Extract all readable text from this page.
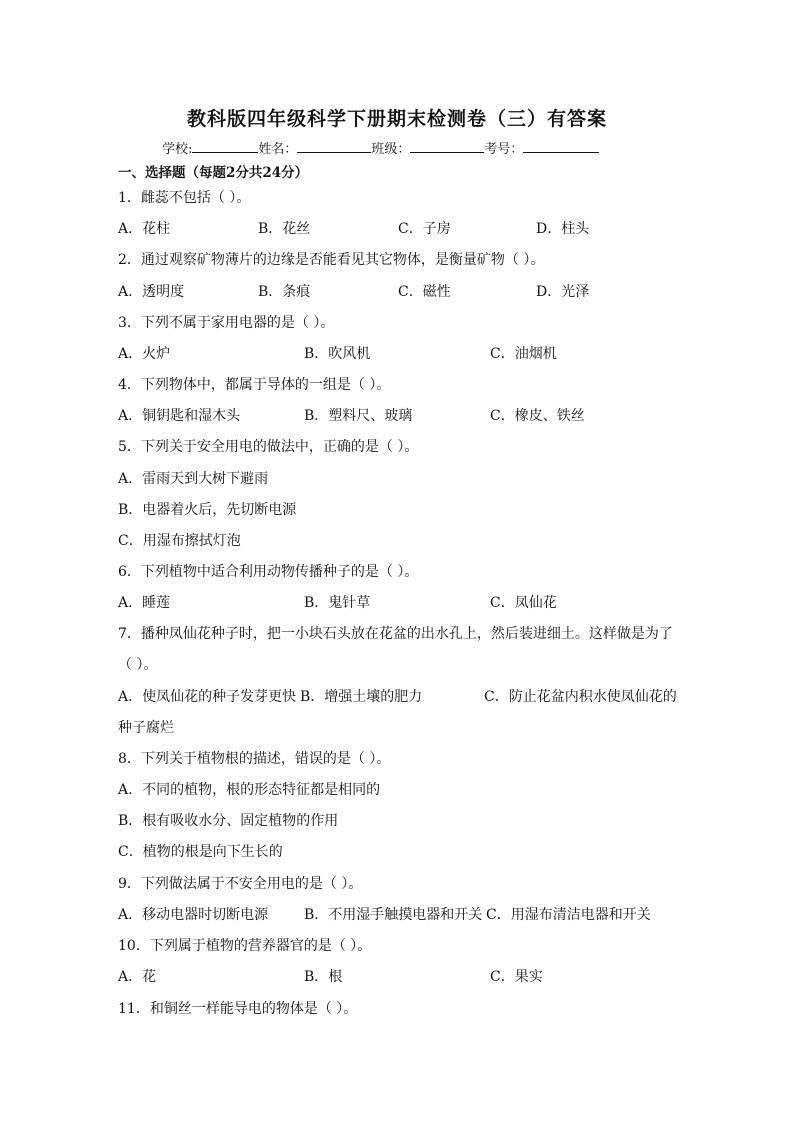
教科版四年级科学下册期末检测卷（三）有答案
学校:	姓名：	班级：	考号：
一、选择题（每题2分共24分）
1．雌蕊不包括（ ）。
A．花柱	B．花丝	C．子房	D．柱头
2．通过观察矿物薄片的边缘是否能看见其它物体，是衡量矿物（ ）。
A．透明度	B．条痕	C．磁性	D．光泽
3．下列不属于家用电器的是（ ）。
A．火炉	B．吹风机	C．油烟机
4．下列物体中，都属于导体的一组是（ ）。
A．铜钥匙和湿木头	B．塑料尺、玻璃	C．橡皮、铁丝
5．下列关于安全用电的做法中，正确的是（ ）。
A．雷雨天到大树下避雨
B．电器着火后，先切断电源
C．用湿布擦拭灯泡
6．下列植物中适合利用动物传播种子的是（ ）。
A．睡莲	B．鬼针草	C．凤仙花
7．播种凤仙花种子时，把一小块石头放在花盆的出水孔上，然后装进细土。这样做是为了
（ ）。
A．使凤仙花的种子发芽更快 B．增强土壤的肥力	C．防止花盆内积水使凤仙花的
种子腐烂
8．下列关于植物根的描述，错误的是（ ）。
A．不同的植物，根的形态特征都是相同的
B．根有吸收水分、固定植物的作用
C．植物的根是向下生长的
9．下列做法属于不安全用电的是（ ）。
A．移动电器时切断电源	B．不用湿手触摸电器和开关 C．用湿布清洁电器和开关
10．下列属于植物的营养器官的是（ ）。
A．花	B．根	C．果实
11．和铜丝一样能导电的物体是（ ）。
